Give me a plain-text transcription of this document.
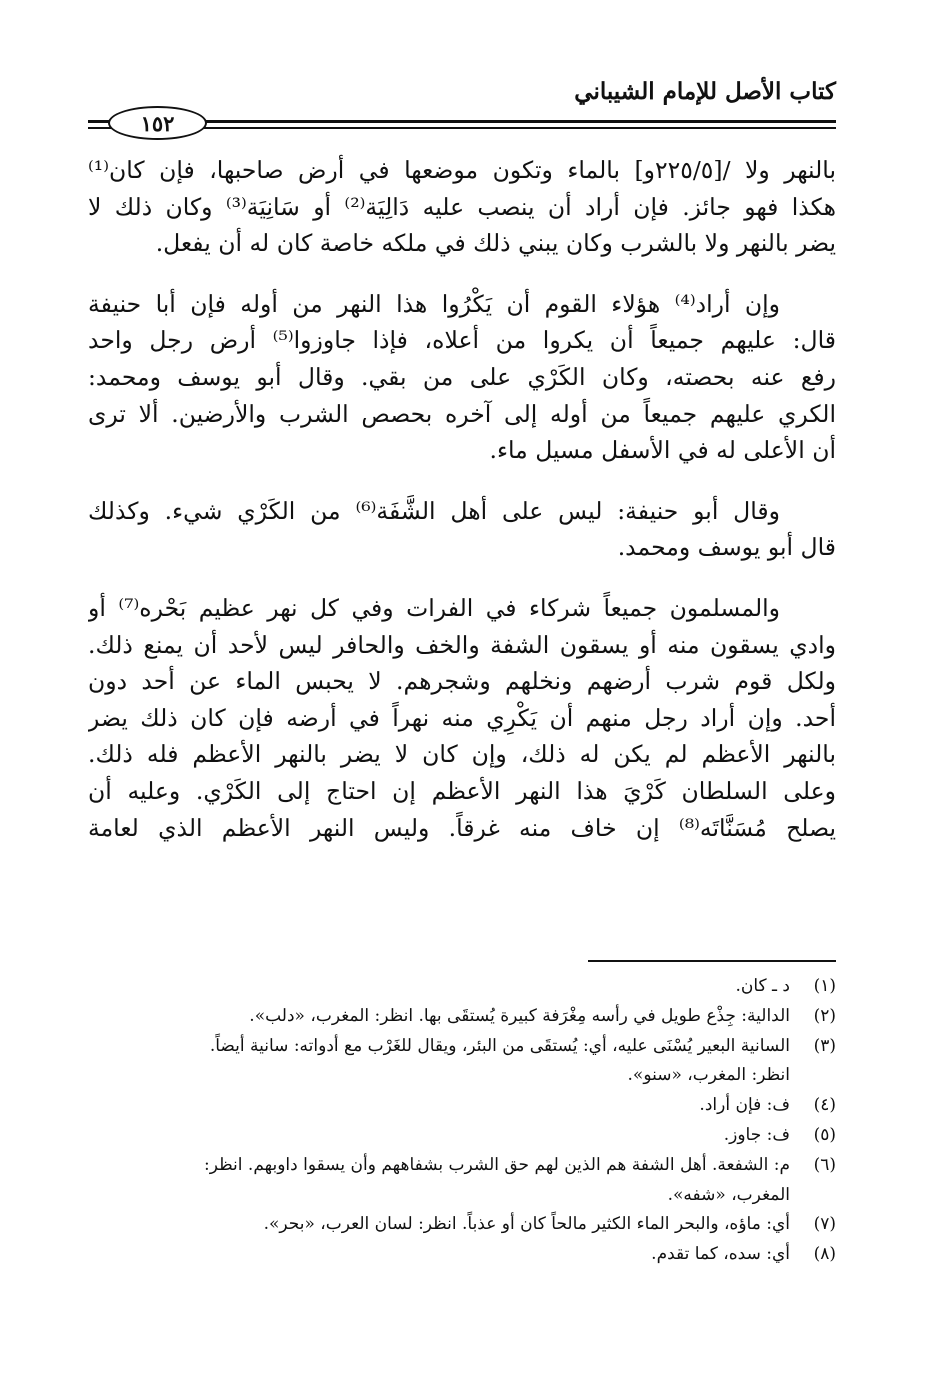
كتاب الأصل للإمام الشيباني
١٥٢

بالنهر ولا /[٢٢٥/٥و] بالماء وتكون موضعها في أرض صاحبها، فإن كان⁽¹⁾
هكذا فهو جائز. فإن أراد أن ينصب عليه دَالِيَة⁽²⁾ أو سَانِيَة⁽³⁾ وكان ذلك لا
يضر بالنهر ولا بالشرب وكان يبني ذلك في ملكه خاصة كان له أن يفعل.

وإن أراد⁽⁴⁾ هؤلاء القوم أن يَكْرُوا هذا النهر من أوله فإن أبا حنيفة
قال: عليهم جميعاً أن يكروا من أعلاه، فإذا جاوزوا⁽⁵⁾ أرض رجل واحد
رفع عنه بحصته، وكان الكَرْي على من بقي. وقال أبو يوسف ومحمد:
الكري عليهم جميعاً من أوله إلى آخره بحصص الشرب والأرضين. ألا ترى
أن الأعلى له في الأسفل مسيل ماء.

وقال أبو حنيفة: ليس على أهل الشَّفَة⁽⁶⁾ من الكَرْي شيء. وكذلك
قال أبو يوسف ومحمد.

والمسلمون جميعاً شركاء في الفرات وفي كل نهر عظيم بَحْره⁽⁷⁾ أو
وادي يسقون منه أو يسقون الشفة والخف والحافر ليس لأحد أن يمنع ذلك.
ولكل قوم شرب أرضهم ونخلهم وشجرهم. لا يحبس الماء عن أحد دون
أحد. وإن أراد رجل منهم أن يَكْرِي منه نهراً في أرضه فإن كان ذلك يضر
بالنهر الأعظم لم يكن له ذلك، وإن كان لا يضر بالنهر الأعظم فله ذلك.
وعلى السلطان كَرْيَ هذا النهر الأعظم إن احتاج إلى الكَرْي. وعليه أن
يصلح مُسَنَّاتَه⁽⁸⁾ إن خاف منه غرقاً. وليس النهر الأعظم الذي لعامة

(١)
د ـ كان.
(٢)
الدالية: جِذْع طويل في رأسه مِغْرَفة كبيرة يُستقَى بها. انظر: المغرب، «دلب».
(٣)
السانية البعير يُسْنَى عليه، أي: يُستقَى من البئر، ويقال للغَرْب مع أدواته: سانية أيضاً.
انظر: المغرب، «سنو».
(٤)
ف: فإن أراد.
(٥)
ف: جاوز.
(٦)
م: الشفعة. أهل الشفة هم الذين لهم حق الشرب بشفاههم وأن يسقوا داوبهم. انظر:
المغرب، «شفه».
(٧)
أي: ماؤه، والبحر الماء الكثير مالحاً كان أو عذباً. انظر: لسان العرب، «بحر».
(٨)
أي: سده، كما تقدم.
